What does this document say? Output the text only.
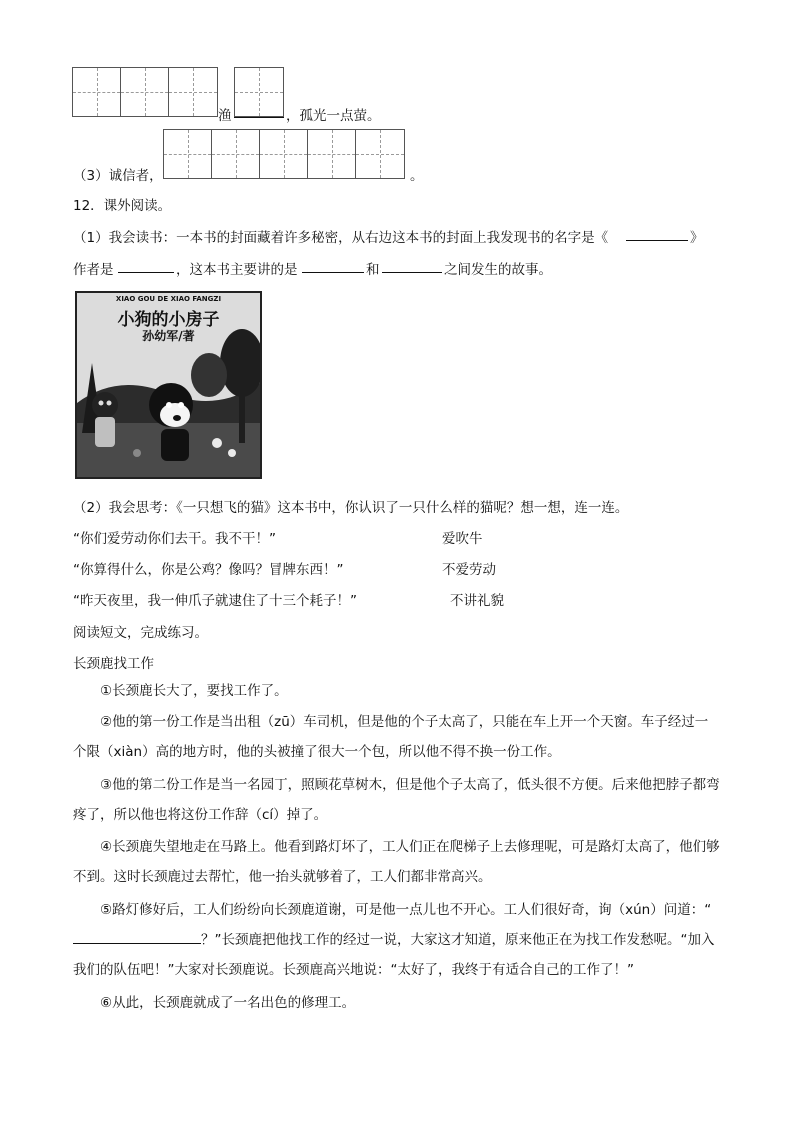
渔	，孤光一点萤。
（3）诚信者，	。
12．课外阅读。
（1）我会读书：一本书的封面藏着许多秘密，从右边这本书的封面上我发现书的名字是《	》
作者是	，这本书主要讲的是	和	之间发生的故事。
XIAO GOU DE XIAO FANGZI
小狗的小房子
孙幼军/著
（2）我会思考：《一只想飞的猫》这本书中，你认识了一只什么样的猫呢？想一想，连一连。
“你们爱劳动你们去干。我不干！”	爱吹牛
“你算得什么，你是公鸡？像吗？冒牌东西！”	不爱劳动
“昨天夜里，我一伸爪子就逮住了十三个耗子！”	不讲礼貌
阅读短文，完成练习。
长颈鹿找工作
①长颈鹿长大了，要找工作了。
②他的第一份工作是当出租（zū）车司机，但是他的个子太高了，只能在车上开一个天窗。车子经过一个限（xiàn）高的地方时，他的头被撞了很大一个包，所以他不得不换一份工作。
③他的第二份工作是当一名园丁，照顾花草树木，但是他个子太高了，低头很不方便。后来他把脖子都弯疼了，所以他也将这份工作辞（cí）掉了。
④长颈鹿失望地走在马路上。他看到路灯坏了，工人们正在爬梯子上去修理呢，可是路灯太高了，他们够不到。这时长颈鹿过去帮忙，他一抬头就够着了，工人们都非常高兴。
⑤路灯修好后，工人们纷纷向长颈鹿道谢，可是他一点儿也不开心。工人们很好奇，询（xún）问道：“？”长颈鹿把他找工作的经过一说，大家这才知道，原来他正在为找工作发愁呢。“加入我们的队伍吧！”大家对长颈鹿说。长颈鹿高兴地说：“太好了，我终于有适合自己的工作了！”
⑥从此，长颈鹿就成了一名出色的修理工。
